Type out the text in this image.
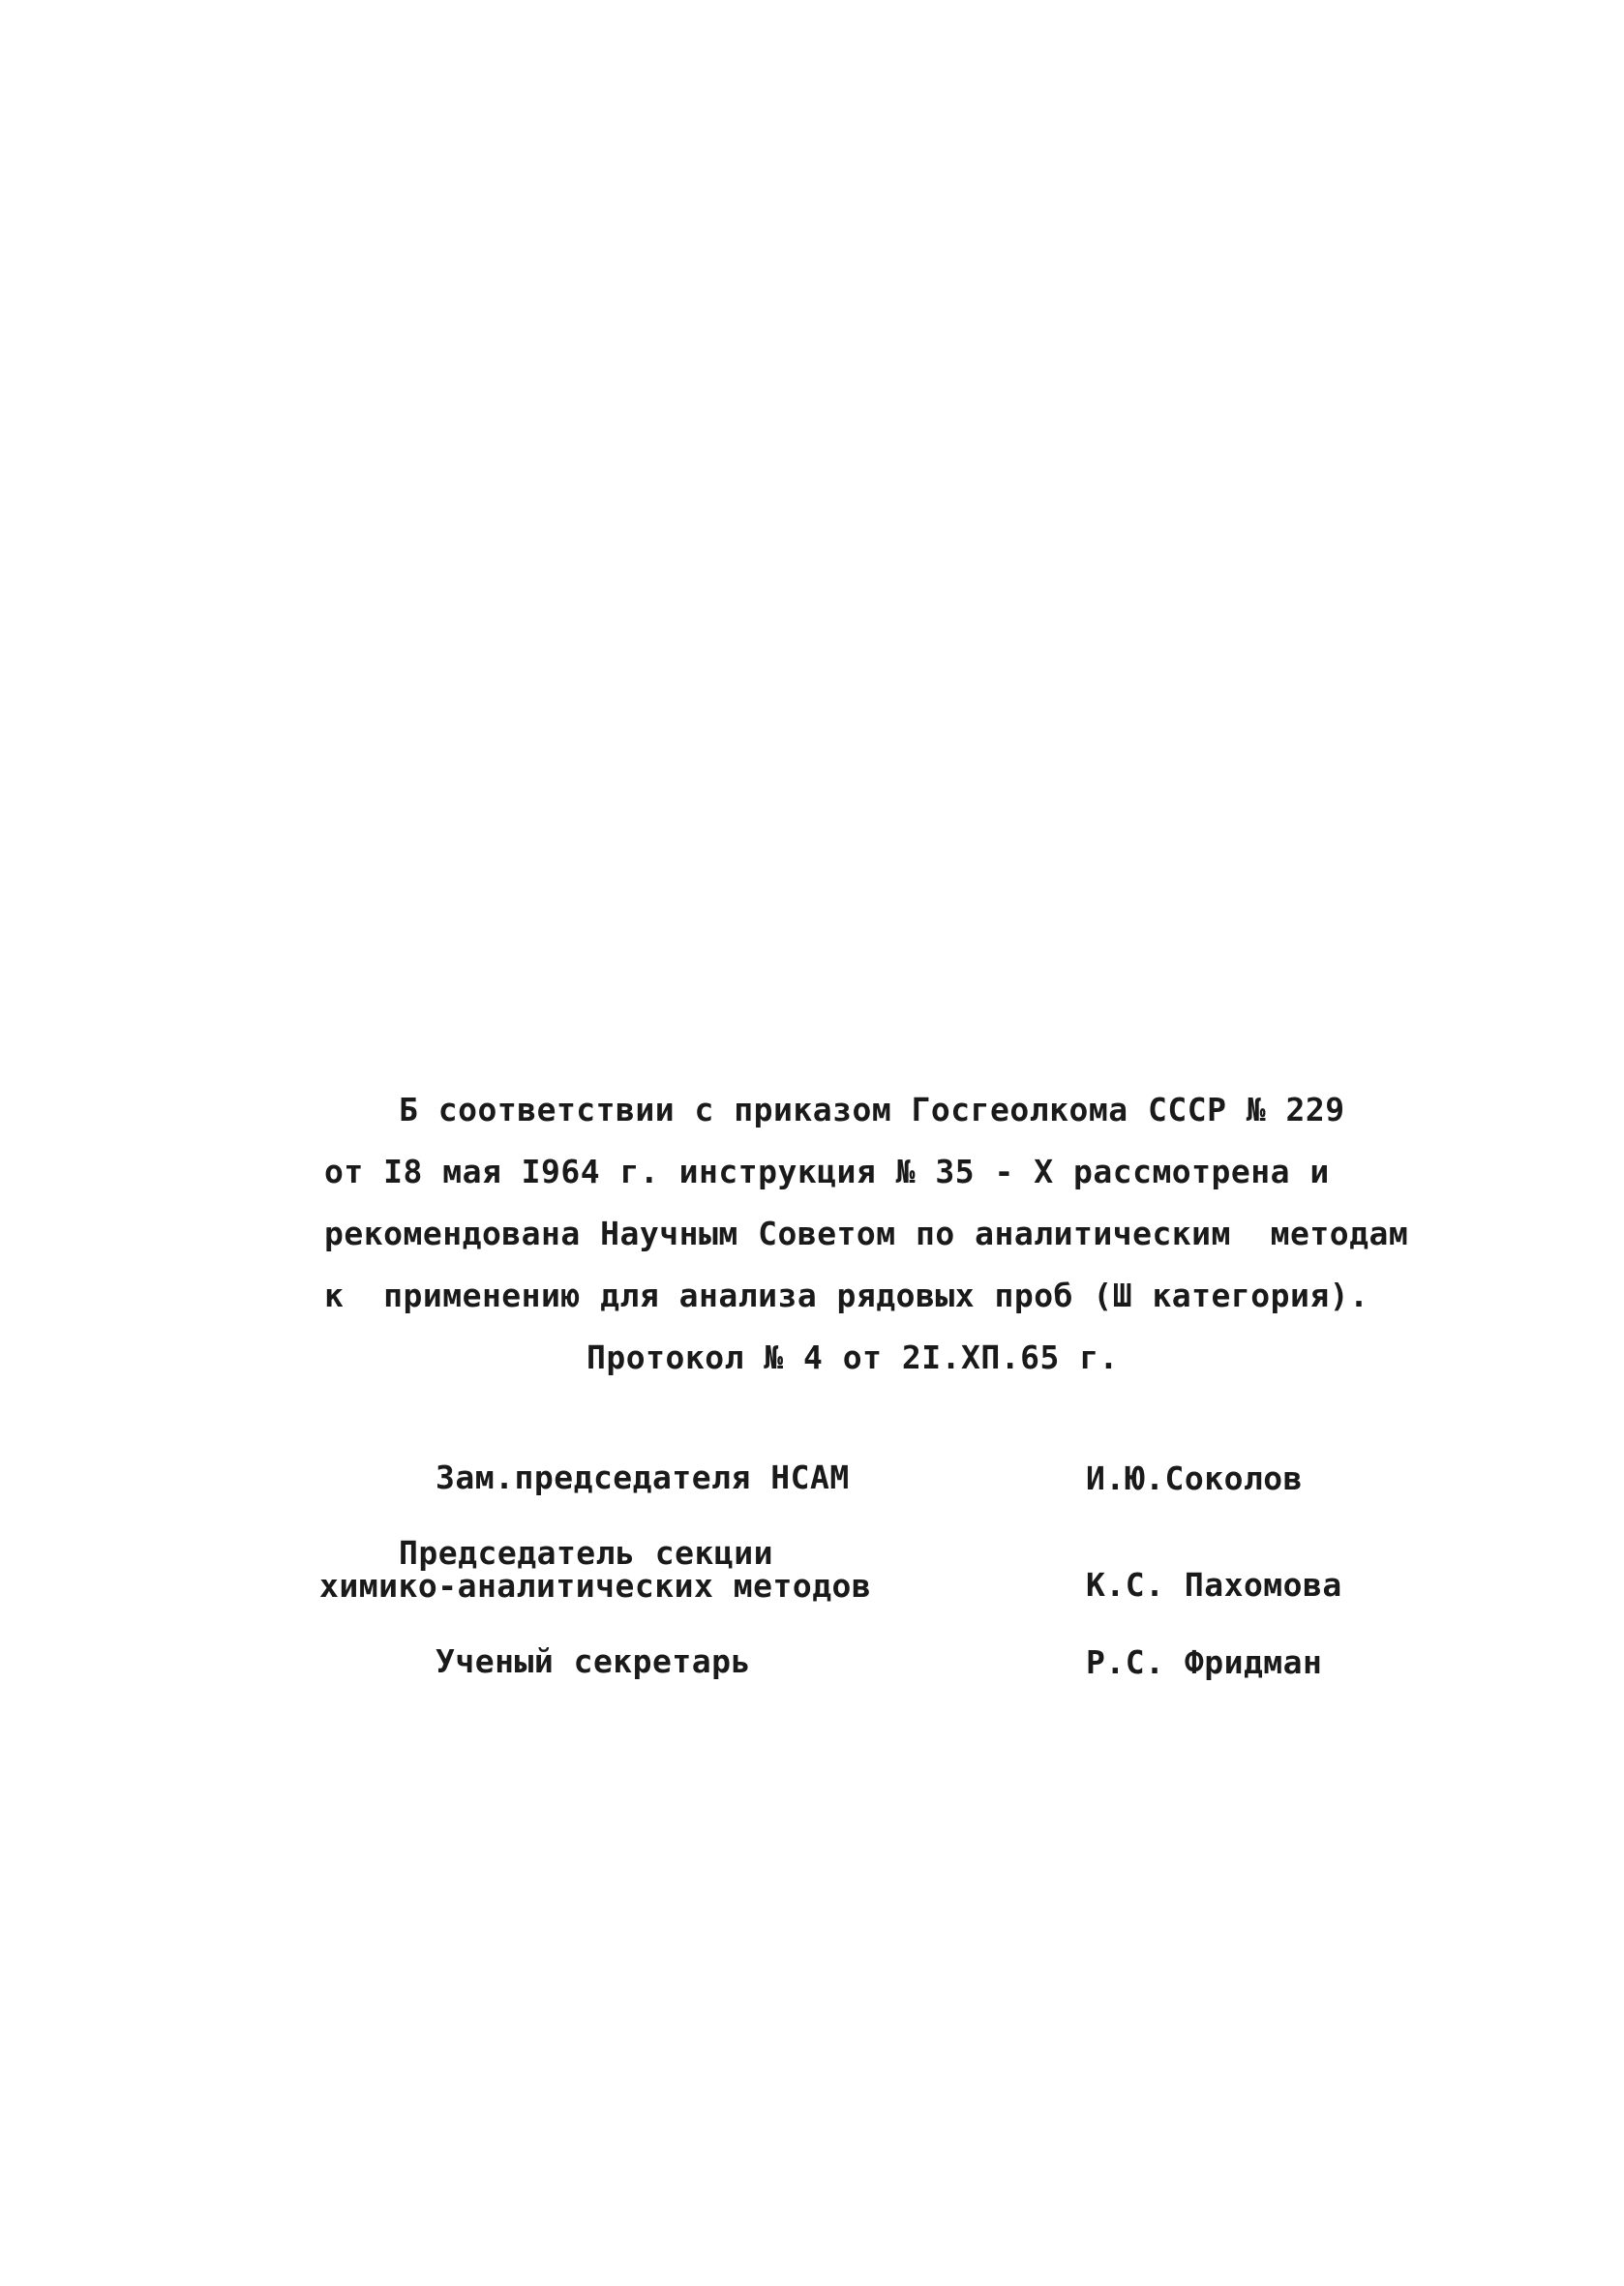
Б соответствии с приказом Госгеолкома СССР № 229
от I8 мая I964 г. инструкция № 35 - Х рассмотрена и
рекомендована Научным Советом по аналитическим  методам
к  применению для анализа рядовых проб (Ш категория).
Протокол № 4 от 2I.XП.65 г.
Зам.председателя НСАМ	И.Ю.Соколов
Председатель секции
химико-аналитических методов	К.С. Пахомова
Ученый секретарь	Р.С. Фридман
